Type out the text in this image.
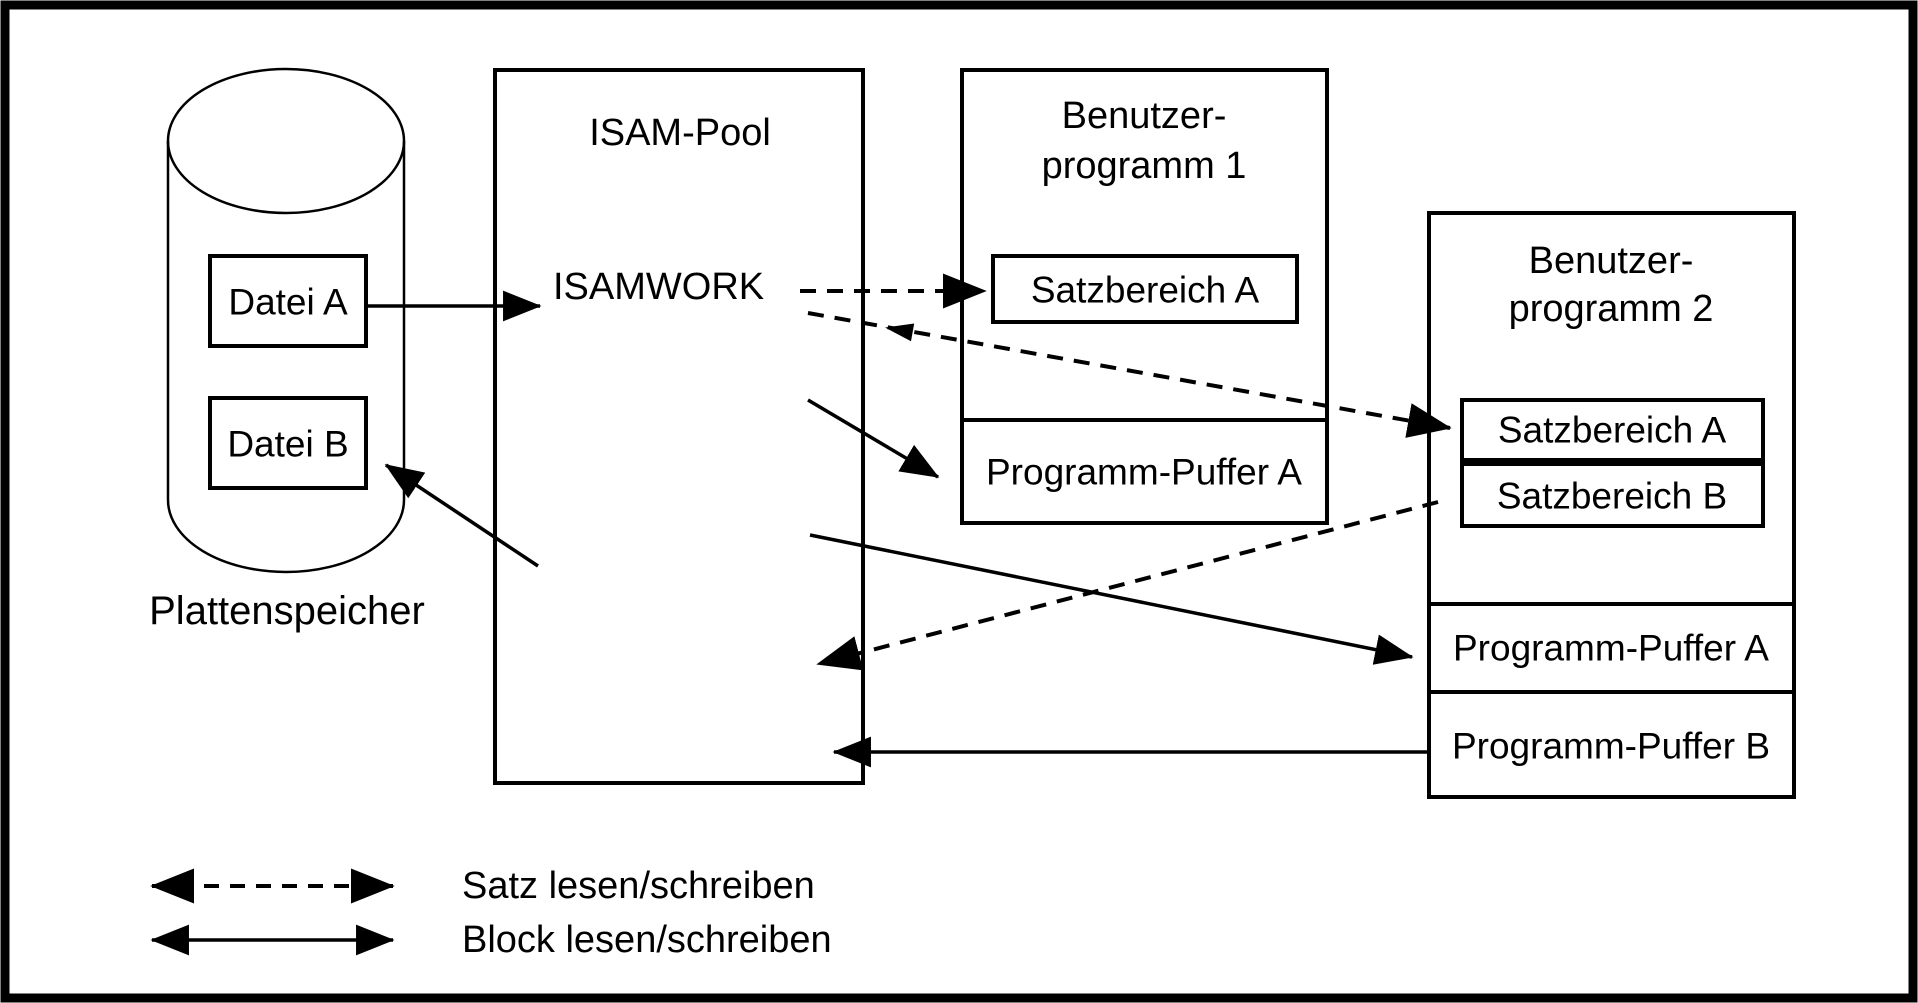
Plattenspeicher
Datei A
Datei B
ISAM-Pool
ISAMWORK
Benutzer-
programm 1
Satzbereich A
Programm-Puffer A
Benutzer-
programm 2
Satzbereich A
Satzbereich B
Programm-Puffer A
Programm-Puffer B
Satz lesen/schreiben
Block lesen/schreiben
